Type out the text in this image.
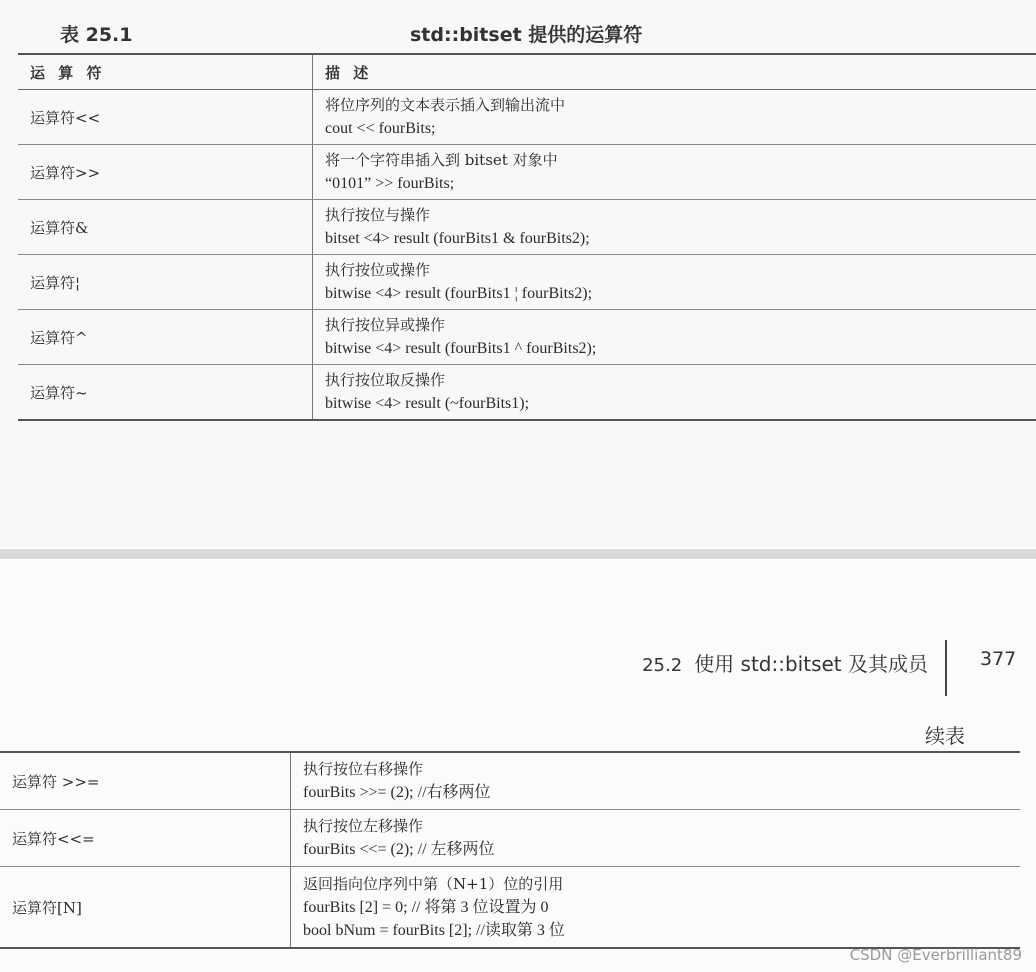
表 25.1	std::bitset 提供的运算符
运 算 符	描 述
运算符<<	将位序列的文本表示插入到输出流中
cout << fourBits;

运算符>>	将一个字符串插入到 bitset 对象中
“0101” >> fourBits;

运算符&	执行按位与操作
bitset <4> result (fourBits1 & fourBits2);

运算符¦	执行按位或操作
bitwise <4> result (fourBits1 ¦ fourBits2);

运算符^	执行按位异或操作
bitwise <4> result (fourBits1 ^ fourBits2);

运算符~	执行按位取反操作
bitwise <4> result (~fourBits1);
25.2 使用 std::bitset 及其成员	377
续表
运算符 >>=	执行按位右移操作
fourBits >>= (2); //右移两位

运算符<<=	执行按位左移操作
fourBits <<= (2); // 左移两位

运算符[N]	返回指向位序列中第（N+1）位的引用
fourBits [2] = 0; // 将第 3 位设置为 0
bool bNum = fourBits [2]; //读取第 3 位
CSDN @Everbrilliant89
